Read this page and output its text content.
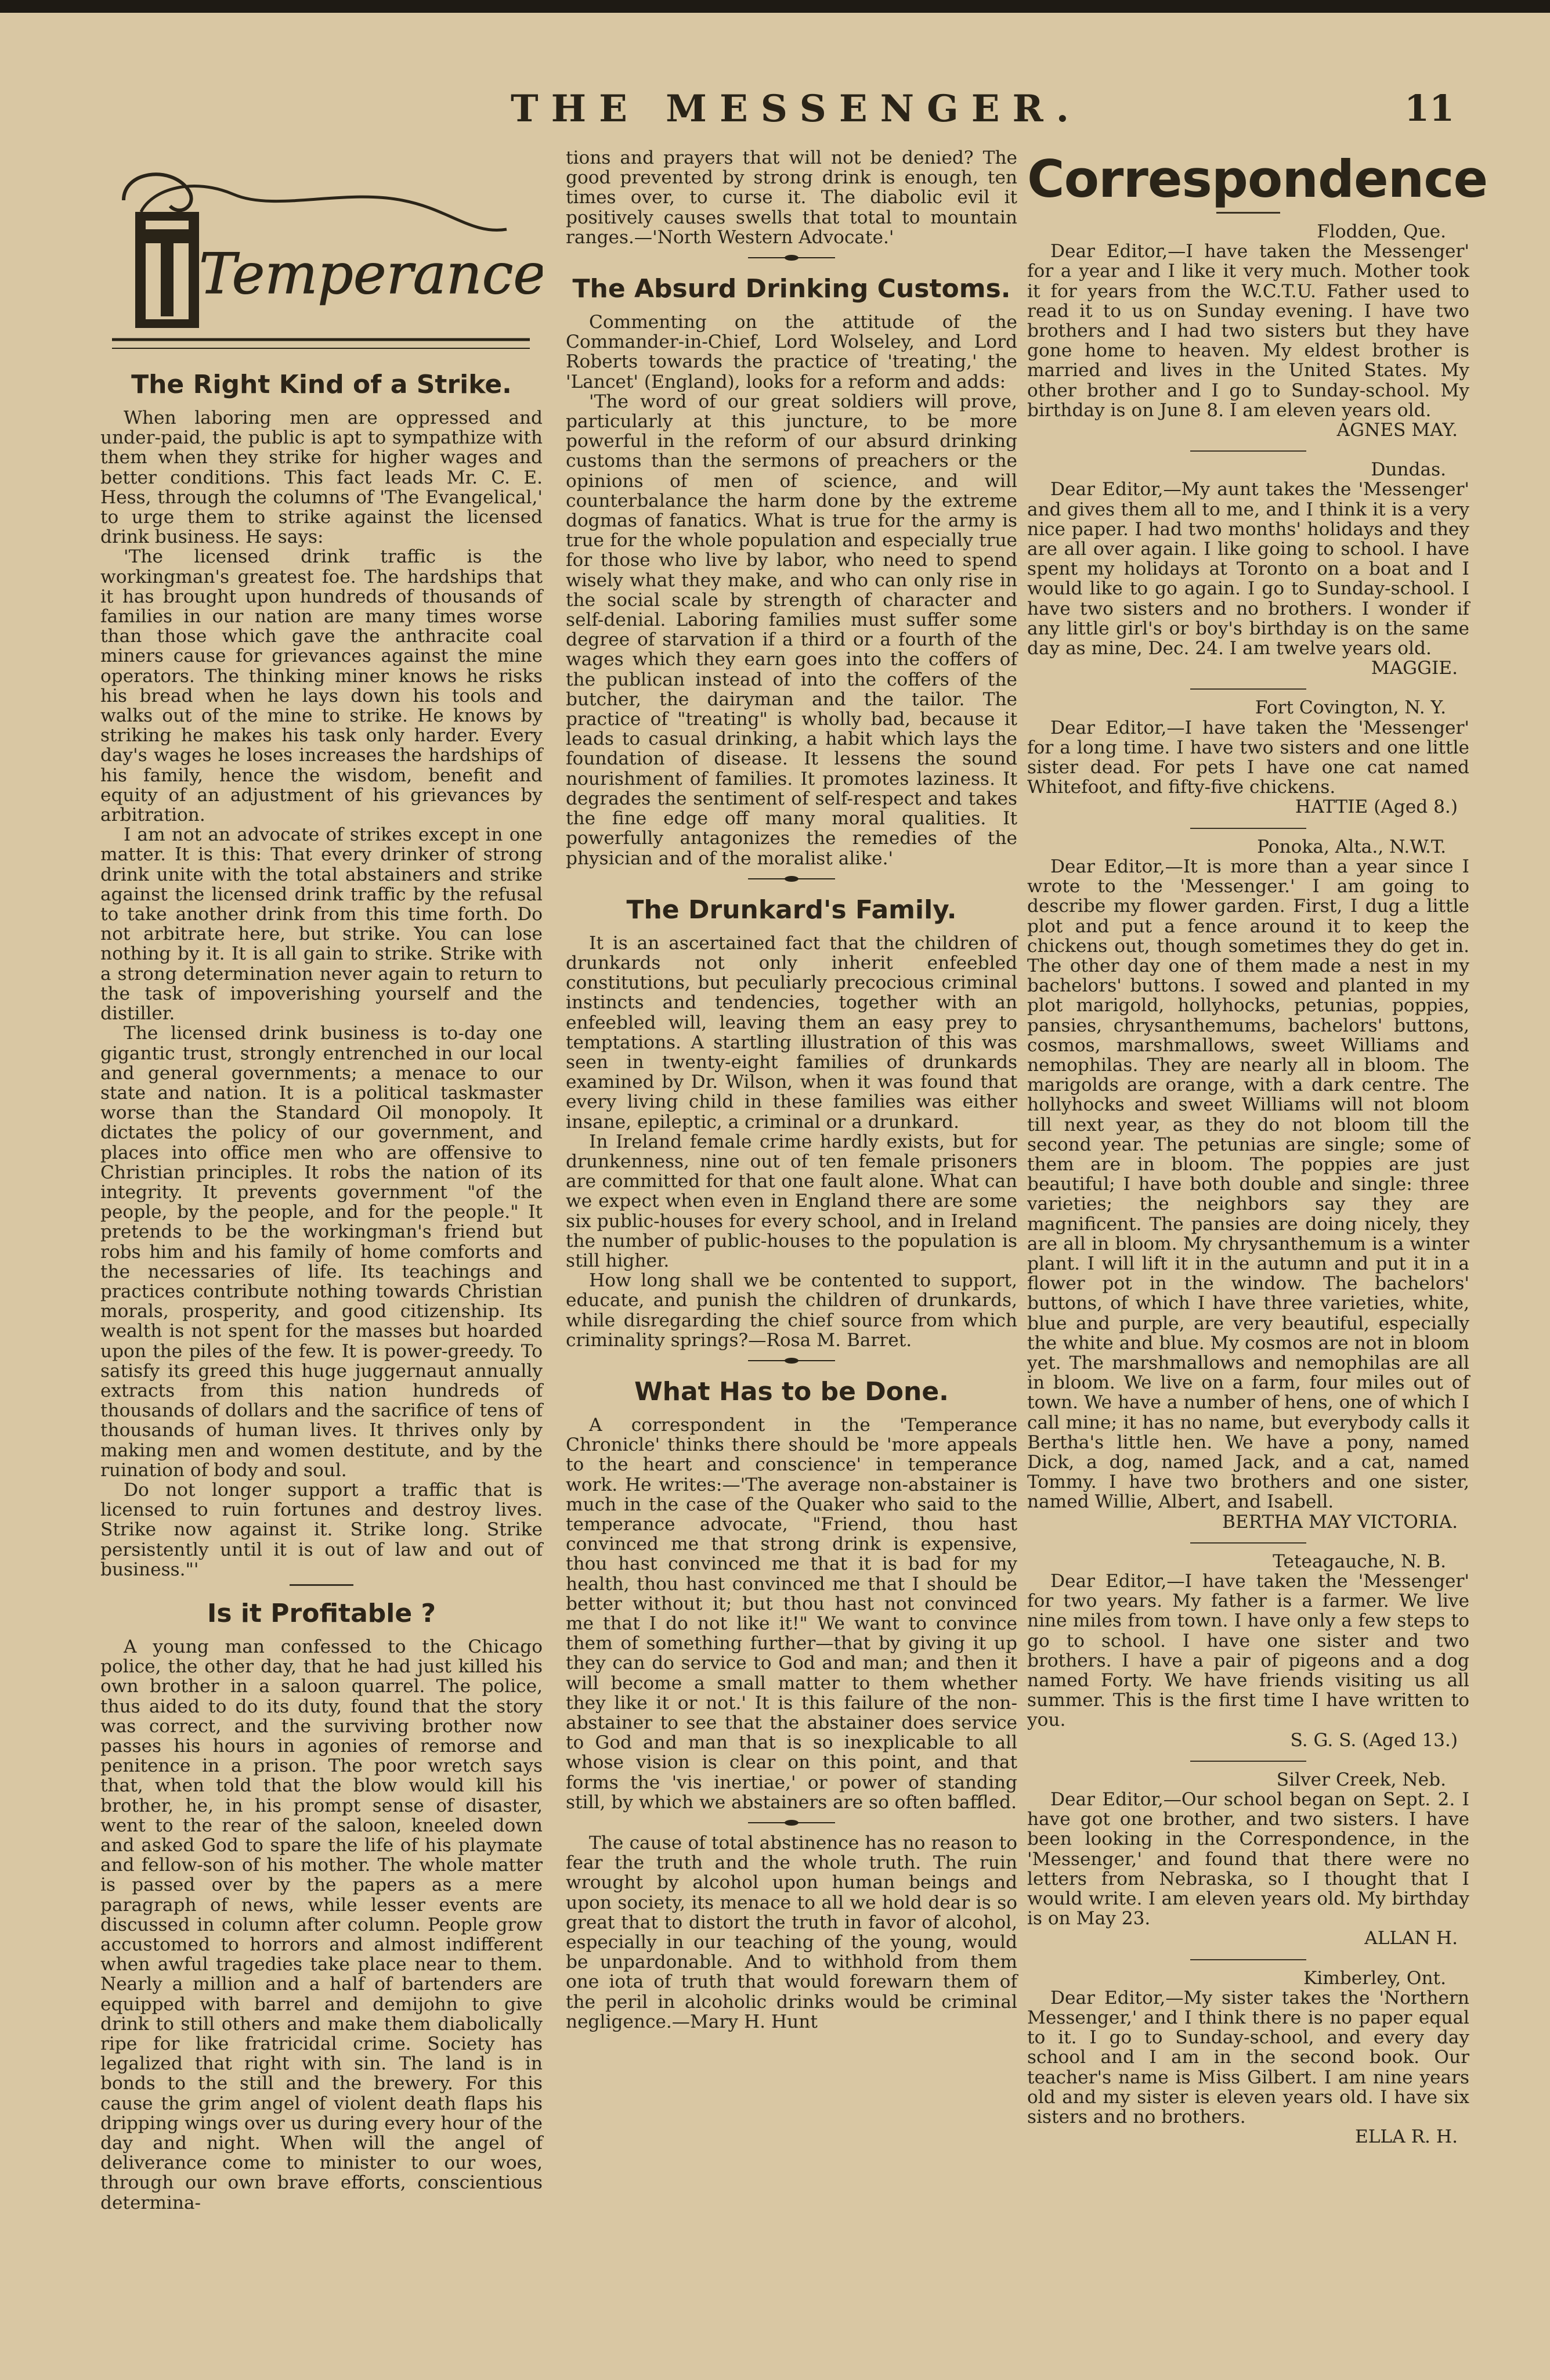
THE MESSENGER.	11
Temperance
The Right Kind of a Strike.

When laboring men are oppressed and under-paid, the public is apt to sympathize with them when they strike for higher wages and better conditions. This fact leads Mr. C. E. Hess, through the columns of 'The Evangelical,' to urge them to strike against the licensed drink business. He says:

'The licensed drink traffic is the workingman's greatest foe. The hardships that it has brought upon hundreds of thousands of families in our nation are many times worse than those which gave the anthracite coal miners cause for grievances against the mine operators. The thinking miner knows he risks his bread when he lays down his tools and walks out of the mine to strike. He knows by striking he makes his task only harder. Every day's wages he loses increases the hardships of his family, hence the wisdom, benefit and equity of an adjustment of his grievances by arbitration.

I am not an advocate of strikes except in one matter. It is this: That every drinker of strong drink unite with the total abstainers and strike against the licensed drink traffic by the refusal to take another drink from this time forth. Do not arbitrate here, but strike. You can lose nothing by it. It is all gain to strike. Strike with a strong determination never again to return to the task of impoverishing yourself and the distiller.

The licensed drink business is to-day one gigantic trust, strongly entrenched in our local and general governments; a menace to our state and nation. It is a political taskmaster worse than the Standard Oil monopoly. It dictates the policy of our government, and places into office men who are offensive to Christian principles. It robs the nation of its integrity. It prevents government "of the people, by the people, and for the people." It pretends to be the workingman's friend but robs him and his family of home comforts and the necessaries of life. Its teachings and practices contribute nothing towards Christian morals, prosperity, and good citizenship. Its wealth is not spent for the masses but hoarded upon the piles of the few. It is power-greedy. To satisfy its greed this huge juggernaut annually extracts from this nation hundreds of thousands of dollars and the sacrifice of tens of thousands of human lives. It thrives only by making men and women destitute, and by the ruination of body and soul.

Do not longer support a traffic that is licensed to ruin fortunes and destroy lives. Strike now against it. Strike long. Strike persistently until it is out of law and out of business."'

Is it Profitable ?

A young man confessed to the Chicago police, the other day, that he had just killed his own brother in a saloon quarrel. The police, thus aided to do its duty, found that the story was correct, and the surviving brother now passes his hours in agonies of remorse and penitence in a prison. The poor wretch says that, when told that the blow would kill his brother, he, in his prompt sense of disaster, went to the rear of the saloon, kneeled down and asked God to spare the life of his playmate and fellow-son of his mother. The whole matter is passed over by the papers as a mere paragraph of news, while lesser events are discussed in column after column. People grow accustomed to horrors and almost indifferent when awful tragedies take place near to them. Nearly a million and a half of bartenders are equipped with barrel and demijohn to give drink to still others and make them diabolically ripe for like fratricidal crime. Society has legalized that right with sin. The land is in bonds to the still and the brewery. For this cause the grim angel of violent death flaps his dripping wings over us during every hour of the day and night. When will the angel of deliverance come to minister to our woes, through our own brave efforts, conscientious determina-

tions and prayers that will not be denied? The good prevented by strong drink is enough, ten times over, to curse it. The diabolic evil it positively causes swells that total to mountain ranges.—'North Western Advocate.'

The Absurd Drinking Customs.

Commenting on the attitude of the Commander-in-Chief, Lord Wolseley, and Lord Roberts towards the practice of 'treating,' the 'Lancet' (England), looks for a reform and adds:

'The word of our great soldiers will prove, particularly at this juncture, to be more powerful in the reform of our absurd drinking customs than the sermons of preachers or the opinions of men of science, and will counterbalance the harm done by the extreme dogmas of fanatics. What is true for the army is true for the whole population and especially true for those who live by labor, who need to spend wisely what they make, and who can only rise in the social scale by strength of character and self-denial. Laboring families must suffer some degree of starvation if a third or a fourth of the wages which they earn goes into the coffers of the publican instead of into the coffers of the butcher, the dairyman and the tailor. The practice of "treating" is wholly bad, because it leads to casual drinking, a habit which lays the foundation of disease. It lessens the sound nourishment of families. It promotes laziness. It degrades the sentiment of self-respect and takes the fine edge off many moral qualities. It powerfully antagonizes the remedies of the physician and of the moralist alike.'

The Drunkard's Family.

It is an ascertained fact that the children of drunkards not only inherit enfeebled constitutions, but peculiarly precocious criminal instincts and tendencies, together with an enfeebled will, leaving them an easy prey to temptations. A startling illustration of this was seen in twenty-eight families of drunkards examined by Dr. Wilson, when it was found that every living child in these families was either insane, epileptic, a criminal or a drunkard.

In Ireland female crime hardly exists, but for drunkenness, nine out of ten female prisoners are committed for that one fault alone. What can we expect when even in England there are some six public-houses for every school, and in Ireland the number of public-houses to the population is still higher.

How long shall we be contented to support, educate, and punish the children of drunkards, while disregarding the chief source from which criminality springs?—Rosa M. Barret.

What Has to be Done.

A correspondent in the 'Temperance Chronicle' thinks there should be 'more appeals to the heart and conscience' in temperance work. He writes:—'The average non-abstainer is much in the case of the Quaker who said to the temperance advocate, "Friend, thou hast convinced me that strong drink is expensive, thou hast convinced me that it is bad for my health, thou hast convinced me that I should be better without it; but thou hast not convinced me that I do not like it!" We want to convince them of something further—that by giving it up they can do service to God and man; and then it will become a small matter to them whether they like it or not.' It is this failure of the non-abstainer to see that the abstainer does service to God and man that is so inexplicable to all whose vision is clear on this point, and that forms the 'vis inertiae,' or power of standing still, by which we abstainers are so often baffled.

The cause of total abstinence has no reason to fear the truth and the whole truth. The ruin wrought by alcohol upon human beings and upon society, its menace to all we hold dear is so great that to distort the truth in favor of alcohol, especially in our teaching of the young, would be unpardonable. And to withhold from them one iota of truth that would forewarn them of the peril in alcoholic drinks would be criminal negligence.—Mary H. Hunt

Correspondence

Flodden, Que.

Dear Editor,—I have taken the Messenger' for a year and I like it very much. Mother took it for years from the W.C.T.U. Father used to read it to us on Sunday evening. I have two brothers and I had two sisters but they have gone home to heaven. My eldest brother is married and lives in the United States. My other brother and I go to Sunday-school. My birthday is on June 8. I am eleven years old.

AGNES MAY.

Dundas.

Dear Editor,—My aunt takes the 'Messenger' and gives them all to me, and I think it is a very nice paper. I had two months' holidays and they are all over again. I like going to school. I have spent my holidays at Toronto on a boat and I would like to go again. I go to Sunday-school. I have two sisters and no brothers. I wonder if any little girl's or boy's birthday is on the same day as mine, Dec. 24. I am twelve years old.

MAGGIE.

Fort Covington, N. Y.

Dear Editor,—I have taken the 'Messenger' for a long time. I have two sisters and one little sister dead. For pets I have one cat named Whitefoot, and fifty-five chickens.

HATTIE (Aged 8.)

Ponoka, Alta., N.W.T.

Dear Editor,—It is more than a year since I wrote to the 'Messenger.' I am going to describe my flower garden. First, I dug a little plot and put a fence around it to keep the chickens out, though sometimes they do get in. The other day one of them made a nest in my bachelors' buttons. I sowed and planted in my plot marigold, hollyhocks, petunias, poppies, pansies, chrysanthemums, bachelors' buttons, cosmos, marshmallows, sweet Williams and nemophilas. They are nearly all in bloom. The marigolds are orange, with a dark centre. The hollyhocks and sweet Williams will not bloom till next year, as they do not bloom till the second year. The petunias are single; some of them are in bloom. The poppies are just beautiful; I have both double and single: three varieties; the neighbors say they are magnificent. The pansies are doing nicely, they are all in bloom. My chrysanthemum is a winter plant. I will lift it in the autumn and put it in a flower pot in the window. The bachelors' buttons, of which I have three varieties, white, blue and purple, are very beautiful, especially the white and blue. My cosmos are not in bloom yet. The marshmallows and nemophilas are all in bloom. We live on a farm, four miles out of town. We have a number of hens, one of which I call mine; it has no name, but everybody calls it Bertha's little hen. We have a pony, named Dick, a dog, named Jack, and a cat, named Tommy. I have two brothers and one sister, named Willie, Albert, and Isabell.

BERTHA MAY VICTORIA.

Teteagauche, N. B.

Dear Editor,—I have taken the 'Messenger' for two years. My father is a farmer. We live nine miles from town. I have only a few steps to go to school. I have one sister and two brothers. I have a pair of pigeons and a dog named Forty. We have friends visiting us all summer. This is the first time I have written to you.

S. G. S. (Aged 13.)

Silver Creek, Neb.

Dear Editor,—Our school began on Sept. 2. I have got one brother, and two sisters. I have been looking in the Correspondence, in the 'Messenger,' and found that there were no letters from Nebraska, so I thought that I would write. I am eleven years old. My birthday is on May 23.

ALLAN H.

Kimberley, Ont.

Dear Editor,—My sister takes the 'Northern Messenger,' and I think there is no paper equal to it. I go to Sunday-school, and every day school and I am in the second book. Our teacher's name is Miss Gilbert. I am nine years old and my sister is eleven years old. I have six sisters and no brothers.

ELLA R. H.
